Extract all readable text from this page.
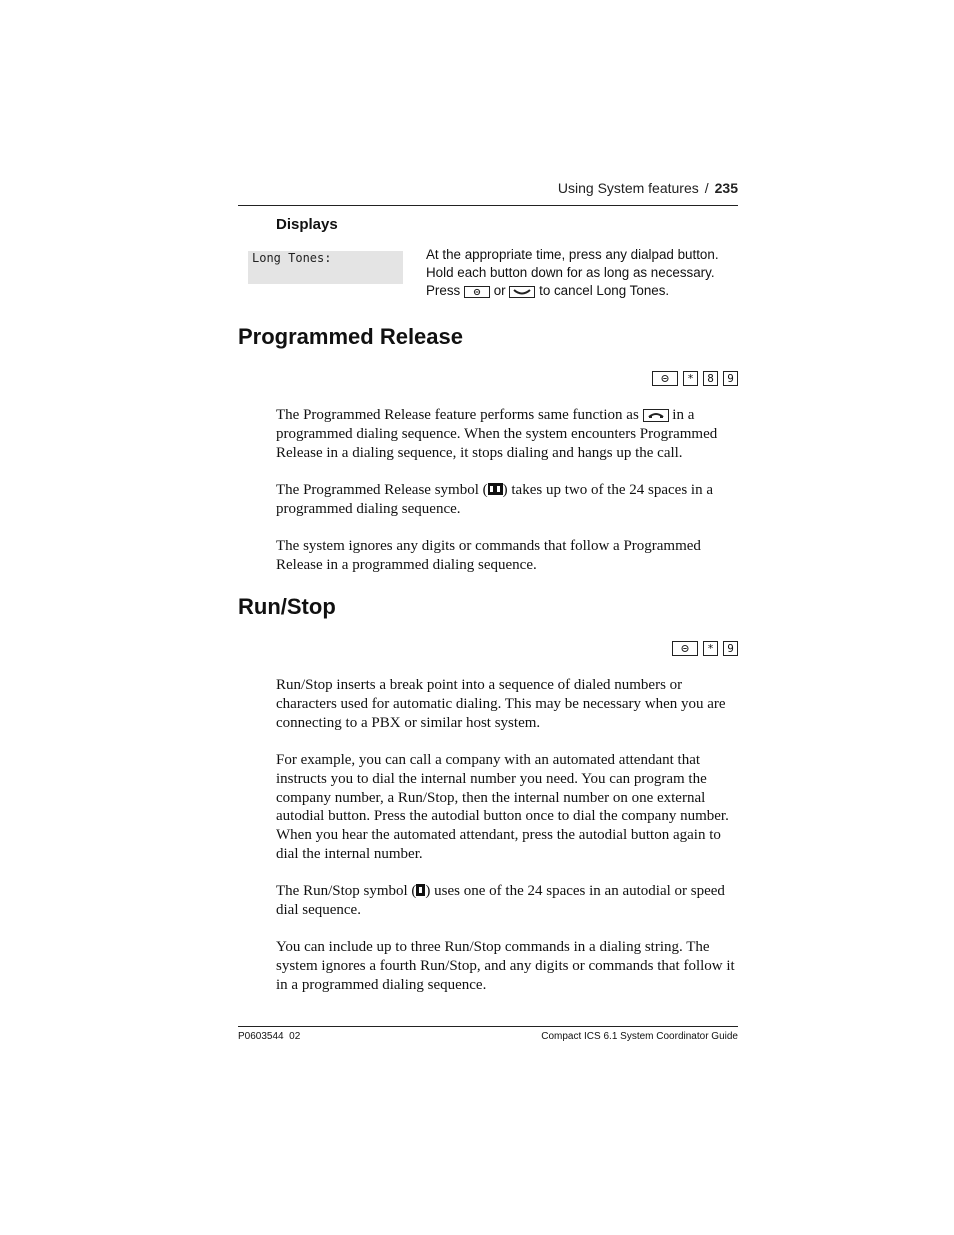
Using System features / 235
Displays
Long Tones:	At the appropriate time, press any dialpad button.
Hold each button down for as long as necessary.
Press or to cancel Long Tones.
Programmed Release
*	8	9

The Programmed Release feature performs same function as in a programmed dialing sequence. When the system encounters Programmed Release in a dialing sequence, it stops dialing and hangs up the call.

The Programmed Release symbol ( ) takes up two of the 24 spaces in a programmed dialing sequence.

The system ignores any digits or commands that follow a Programmed Release in a programmed dialing sequence.

Run/Stop
*	9

Run/Stop inserts a break point into a sequence of dialed numbers or characters used for automatic dialing. This may be necessary when you are connecting to a PBX or similar host system.

For example, you can call a company with an automated attendant that instructs you to dial the internal number you need. You can program the company number, a Run/Stop, then the internal number on one external autodial button. Press the autodial button once to dial the company number. When you hear the automated attendant, press the autodial button again to dial the internal number.

The Run/Stop symbol ( ) uses one of the 24 spaces in an autodial or speed dial sequence.

You can include up to three Run/Stop commands in a dialing string. The system ignores a fourth Run/Stop, and any digits or commands that follow it in a programmed dialing sequence.

P0603544  02	Compact ICS 6.1 System Coordinator Guide
